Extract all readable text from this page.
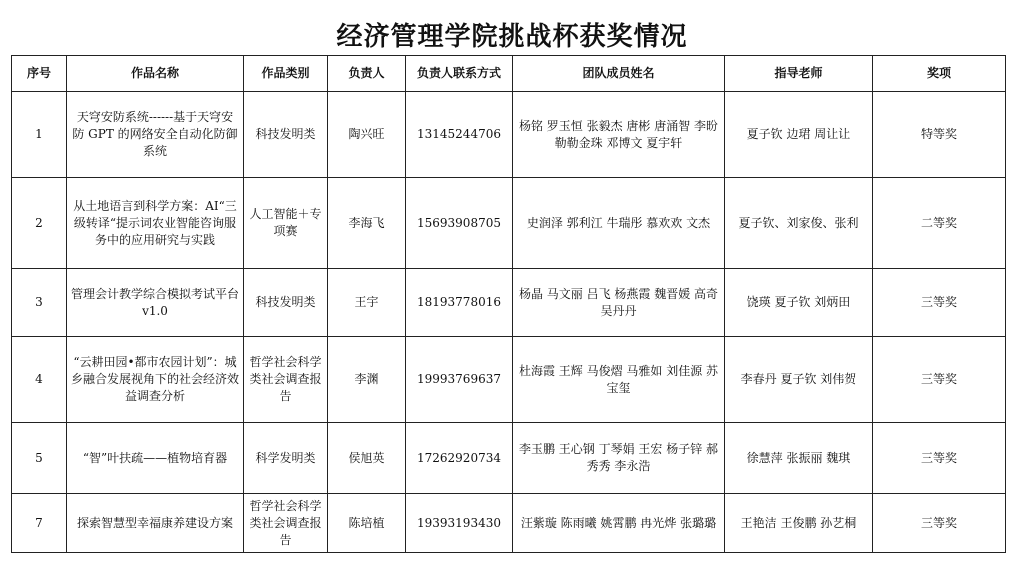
经济管理学院挑战杯获奖情况
序号	作品名称	作品类别	负责人	负责人联系方式	团队成员姓名	指导老师	奖项
1	天穹安防系统------基于天穹安防 GPT 的网络安全自动化防御系统	科技发明类	陶兴旺	13145244706	杨铭 罗玉恒 张毅杰 唐彬 唐涌智 李昐 勒勒金珠 邓博文 夏宇轩	夏子钦 边珺 周让让	特等奖
2	从土地语言到科学方案：AI“三级转译“提示词农业智能咨询服务中的应用研究与实践	人工智能＋专项赛	李海飞	15693908705	史润泽 郭利江 牛瑞彤 慕欢欢 文杰	夏子钦、刘家俊、张利	二等奖
3	管理会计教学综合模拟考试平台 v1.0	科技发明类	王宇	18193778016	杨晶 马文丽 吕飞 杨燕霞 魏晋媛 高奇 吴丹丹	饶瑛 夏子钦 刘炳田	三等奖
4	“云耕田园•都市农园计划”：城乡融合发展视角下的社会经济效益调查分析	哲学社会科学类社会调查报告	李渊	19993769637	杜海霞 王辉 马俊熠 马雅如 刘佳源 苏宝玺	李春丹 夏子钦 刘伟贺	三等奖
5	“智”叶扶疏——植物培育器	科学发明类	侯旭英	17262920734	李玉鹏 王心钢 丁琴娟 王宏 杨子锌 郝秀秀 李永浩	徐慧萍 张振丽 魏琪	三等奖
7	探索智慧型幸福康养建设方案	哲学社会科学类社会调查报告	陈培植	19393193430	汪紫璇 陈雨曦 姚霄鹏 冉光烨 张璐璐	王艳洁 王俊鹏 孙艺桐	三等奖
